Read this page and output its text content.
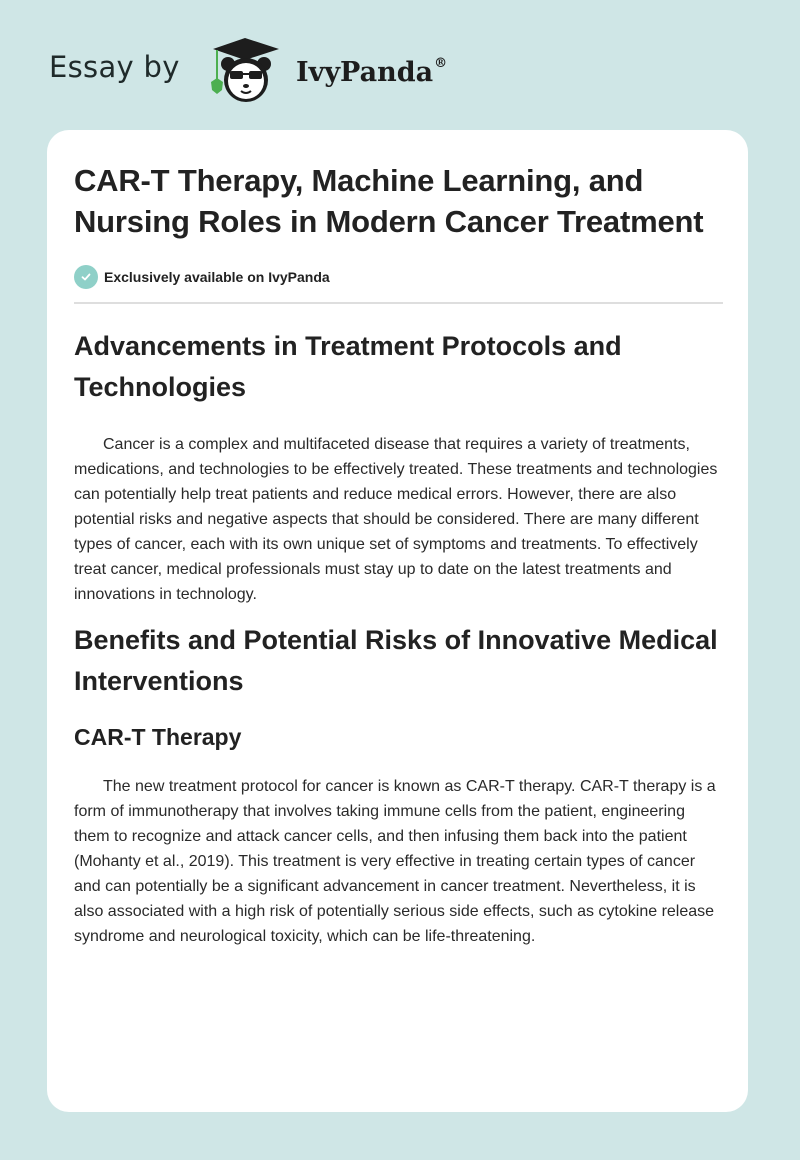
Essay by	IvyPanda®
CAR-T Therapy, Machine Learning, and Nursing Roles in Modern Cancer Treatment
Exclusively available on IvyPanda
Advancements in Treatment Protocols and Technologies

Cancer is a complex and multifaceted disease that requires a variety of treatments, medications, and technologies to be effectively treated. These treatments and technologies can potentially help treat patients and reduce medical errors. However, there are also potential risks and negative aspects that should be considered. There are many different types of cancer, each with its own unique set of symptoms and treatments. To effectively treat cancer, medical professionals must stay up to date on the latest treatments and innovations in technology.

Benefits and Potential Risks of Innovative Medical Interventions
CAR-T Therapy

The new treatment protocol for cancer is known as CAR-T therapy. CAR-T therapy is a form of immunotherapy that involves taking immune cells from the patient, engineering them to recognize and attack cancer cells, and then infusing them back into the patient (Mohanty et al., 2019). This treatment is very effective in treating certain types of cancer and can potentially be a significant advancement in cancer treatment. Nevertheless, it is also associated with a high risk of potentially serious side effects, such as cytokine release syndrome and neurological toxicity, which can be life-threatening.
